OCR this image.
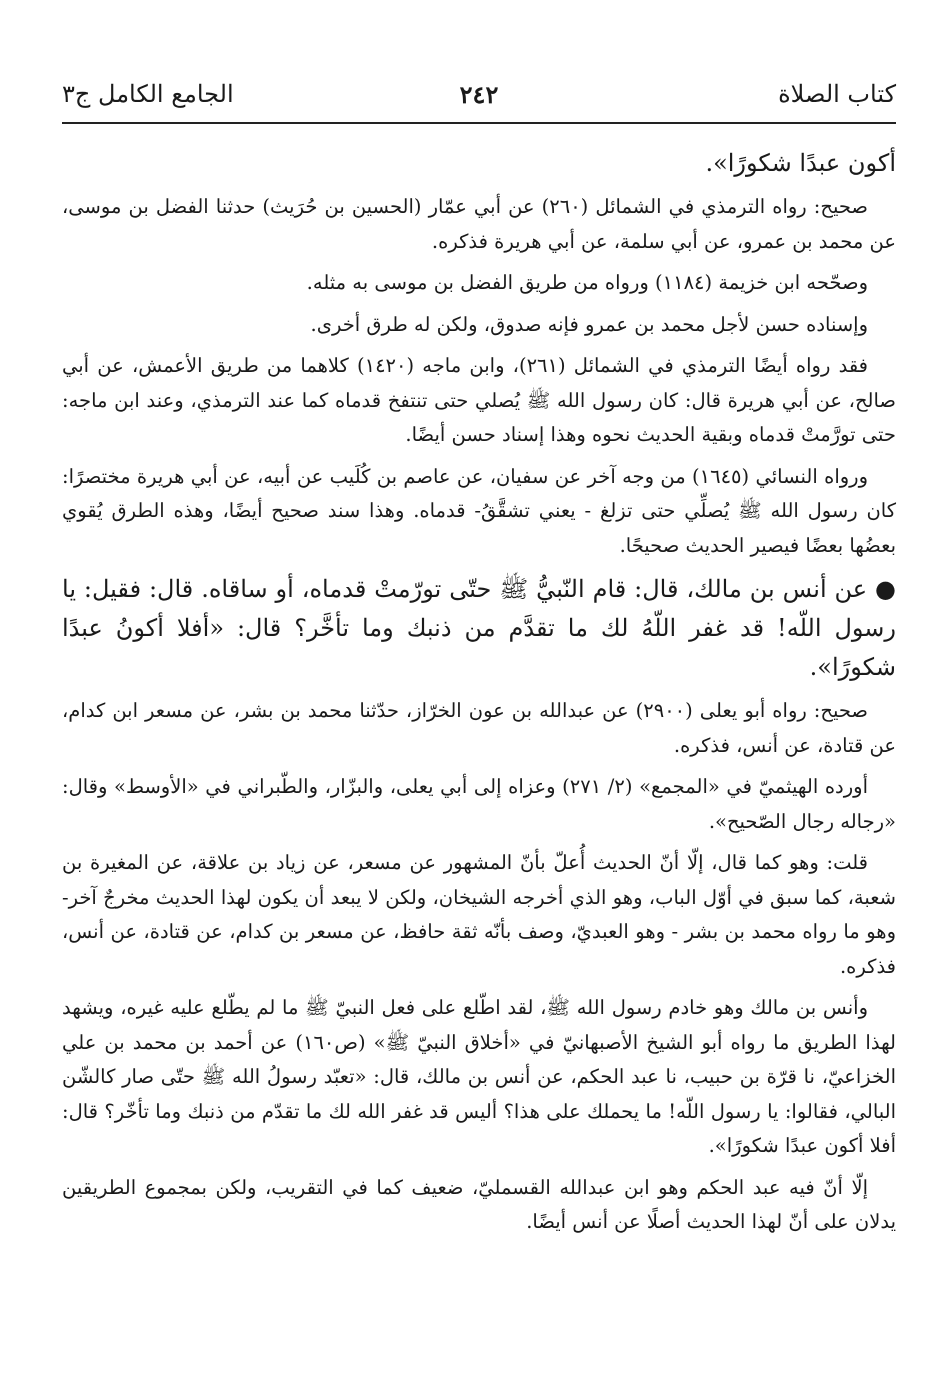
كتاب الصلاة
٢٤٢
الجامع الكامل ج٣

أكون عبدًا شكورًا».

صحيح: رواه الترمذي في الشمائل (٢٦٠) عن أبي عمّار (الحسين بن حُرَيث) حدثنا الفضل بن موسى، عن محمد بن عمرو، عن أبي سلمة، عن أبي هريرة فذكره.

وصحّحه ابن خزيمة (١١٨٤) ورواه من طريق الفضل بن موسى به مثله.

وإسناده حسن لأجل محمد بن عمرو فإنه صدوق، ولكن له طرق أخرى.

فقد رواه أيضًا الترمذي في الشمائل (٢٦١)، وابن ماجه (١٤٢٠) كلاهما من طريق الأعمش، عن أبي صالح، عن أبي هريرة قال: كان رسول الله ﷺ يُصلي حتى تنتفخ قدماه كما عند الترمذي، وعند ابن ماجه: حتى تورَّمتْ قدماه وبقية الحديث نحوه وهذا إسناد حسن أيضًا.

ورواه النسائي (١٦٤٥) من وجه آخر عن سفيان، عن عاصم بن كُلَيب عن أبيه، عن أبي هريرة مختصرًا: كان رسول الله ﷺ يُصلِّي حتى تزلغ - يعني تشقَّقُ- قدماه. وهذا سند صحيح أيضًا، وهذه الطرق يُقوي بعضُها بعضًا فيصير الحديث صحيحًا.

● عن أنس بن مالك، قال: قام النّبيُّ ﷺ حتّى تورّمتْ قدماه، أو ساقاه. قال: فقيل: يا رسول اللّه! قد غفر اللّهُ لك ما تقدَّم من ذنبك وما تأخَّر؟ قال: «أفلا أكونُ عبدًا شكورًا».

صحيح: رواه أبو يعلى (٢٩٠٠) عن عبدالله بن عون الخرّاز، حدّثنا محمد بن بشر، عن مسعر ابن كدام، عن قتادة، عن أنس، فذكره.

أورده الهيثميّ في «المجمع» (٢/ ٢٧١) وعزاه إلى أبي يعلى، والبزّار، والطّبراني في «الأوسط» وقال: «رجاله رجال الصّحيح».

قلت: وهو كما قال، إلّا أنّ الحديث أُعلّ بأنّ المشهور عن مسعر، عن زياد بن علاقة، عن المغيرة بن شعبة، كما سبق في أوّل الباب، وهو الذي أخرجه الشيخان، ولكن لا يبعد أن يكون لهذا الحديث مخرجٌ آخر- وهو ما رواه محمد بن بشر - وهو العبديّ، وصف بأنّه ثقة حافظ، عن مسعر بن كدام، عن قتادة، عن أنس، فذكره.

وأنس بن مالك وهو خادم رسول الله ﷺ، لقد اطّلع على فعل النبيّ ﷺ ما لم يطّلع عليه غيره، ويشهد لهذا الطريق ما رواه أبو الشيخ الأصبهانيّ في «أخلاق النبيّ ﷺ» (ص١٦٠) عن أحمد بن محمد بن علي الخزاعيّ، نا قرّة بن حبيب، نا عبد الحكم، عن أنس بن مالك، قال: «تعبّد رسولُ الله ﷺ حتّى صار كالشّن البالي، فقالوا: يا رسول اللّه! ما يحملك على هذا؟ أليس قد غفر الله لك ما تقدّم من ذنبك وما تأخّر؟ قال: أفلا أكون عبدًا شكورًا».

إلّا أنّ فيه عبد الحكم وهو ابن عبدالله القسمليّ، ضعيف كما في التقريب، ولكن بمجموع الطريقين يدلان على أنّ لهذا الحديث أصلًا عن أنس أيضًا.
